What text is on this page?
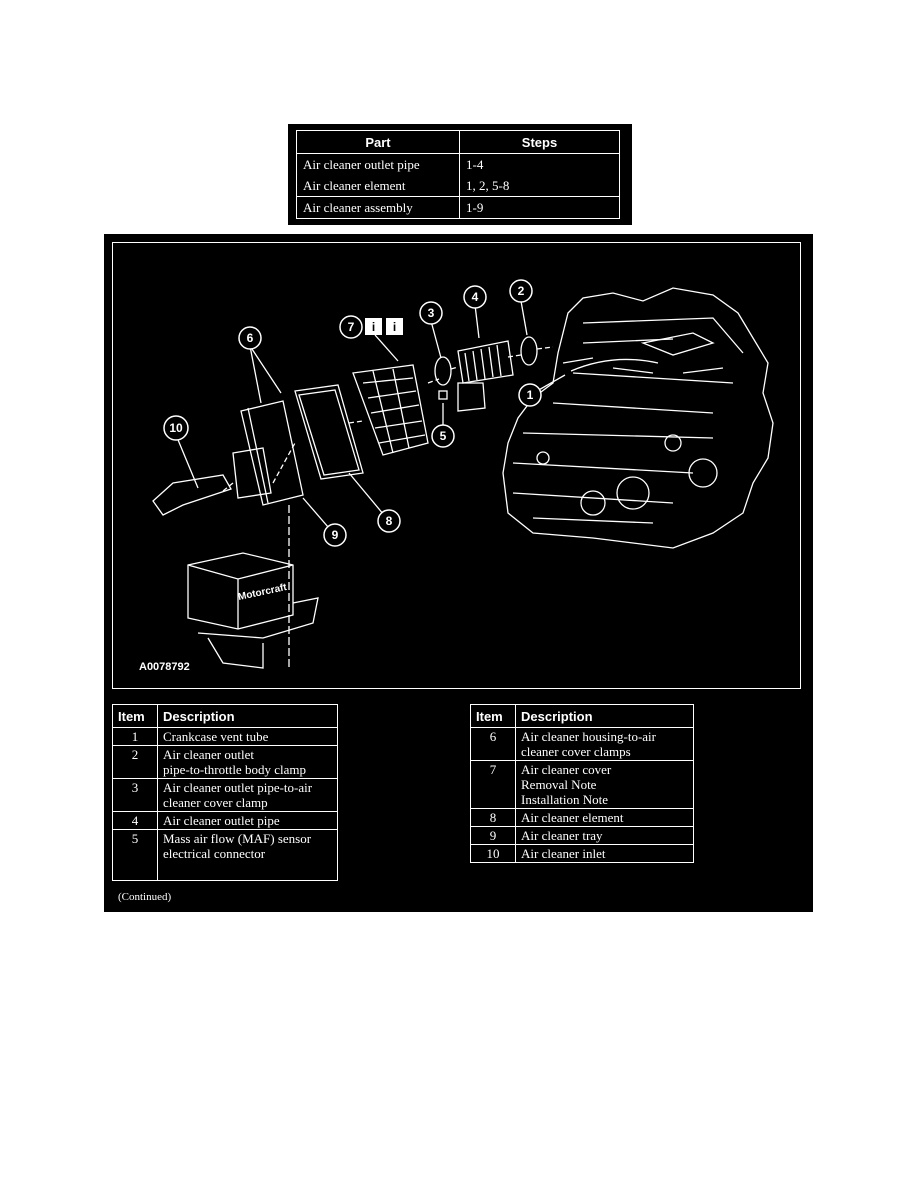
Part	Steps
Air cleaner outlet pipe	1-4
Air cleaner element	1, 2, 5-8
Air cleaner assembly	1-9
i i
1
2
3
4
5
6
7
8
9
10
Motorcraft
A0078792
Item	Description
1	Crankcase vent tube

2	Air cleaner outlet
pipe-to-throttle body clamp

3	Air cleaner outlet pipe-to-air
cleaner cover clamp

4	Air cleaner outlet pipe

5	Mass air flow (MAF) sensor
electrical connector
Item	Description
6	Air cleaner housing-to-air
cleaner cover clamps

7	Air cleaner cover
Removal Note
Installation Note

8	Air cleaner element

9	Air cleaner tray

10	Air cleaner inlet
(Continued)
